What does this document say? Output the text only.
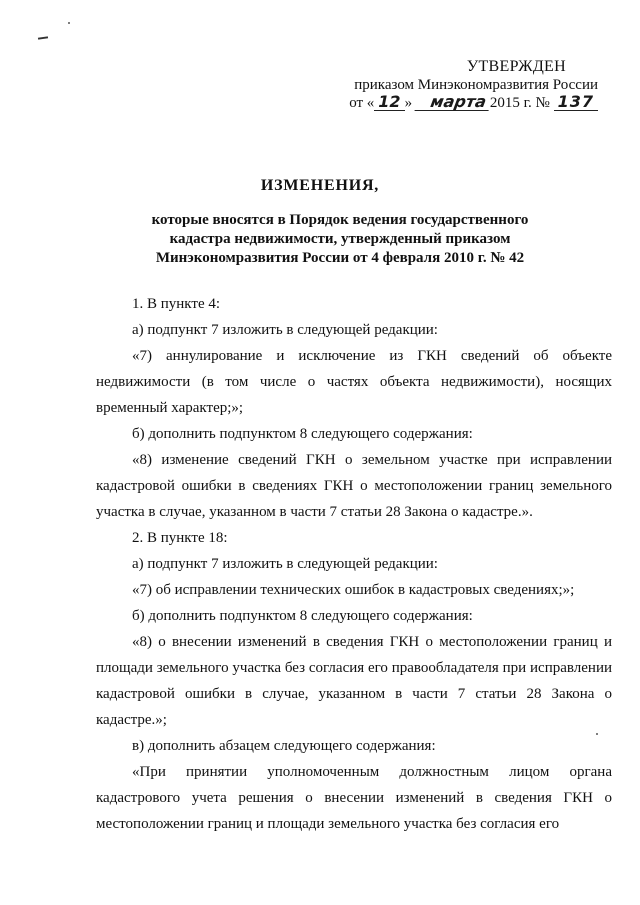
УТВЕРЖДЕН
приказом Минэкономразвития России
от « 12 » марта 2015 г. № 137
ИЗМЕНЕНИЯ,
которые вносятся в Порядок ведения государственного
кадастра недвижимости, утвержденный приказом
Минэкономразвития России от 4 февраля 2010 г. № 42

1. В пункте 4:

а) подпункт 7 изложить в следующей редакции:

«7) аннулирование и исключение из ГКН сведений об объекте недвижимости (в том числе о частях объекта недвижимости), носящих временный характер;»;

б) дополнить подпунктом 8 следующего содержания:

«8) изменение сведений ГКН о земельном участке при исправлении кадастровой ошибки в сведениях ГКН о местоположении границ земельного участка в случае, указанном в части 7 статьи 28 Закона о кадастре.».

2. В пункте 18:

а) подпункт 7 изложить в следующей редакции:

«7) об исправлении технических ошибок в кадастровых сведениях;»;

б) дополнить подпунктом 8 следующего содержания:

«8) о внесении изменений в сведения ГКН о местоположении границ и площади земельного участка без согласия его правообладателя при исправлении кадастровой ошибки в случае, указанном в части 7 статьи 28 Закона о кадастре.»;

в) дополнить абзацем следующего содержания:

«При принятии уполномоченным должностным лицом органа кадастрового учета решения о внесении изменений в сведения ГКН о местоположении границ и площади земельного участка без согласия его
